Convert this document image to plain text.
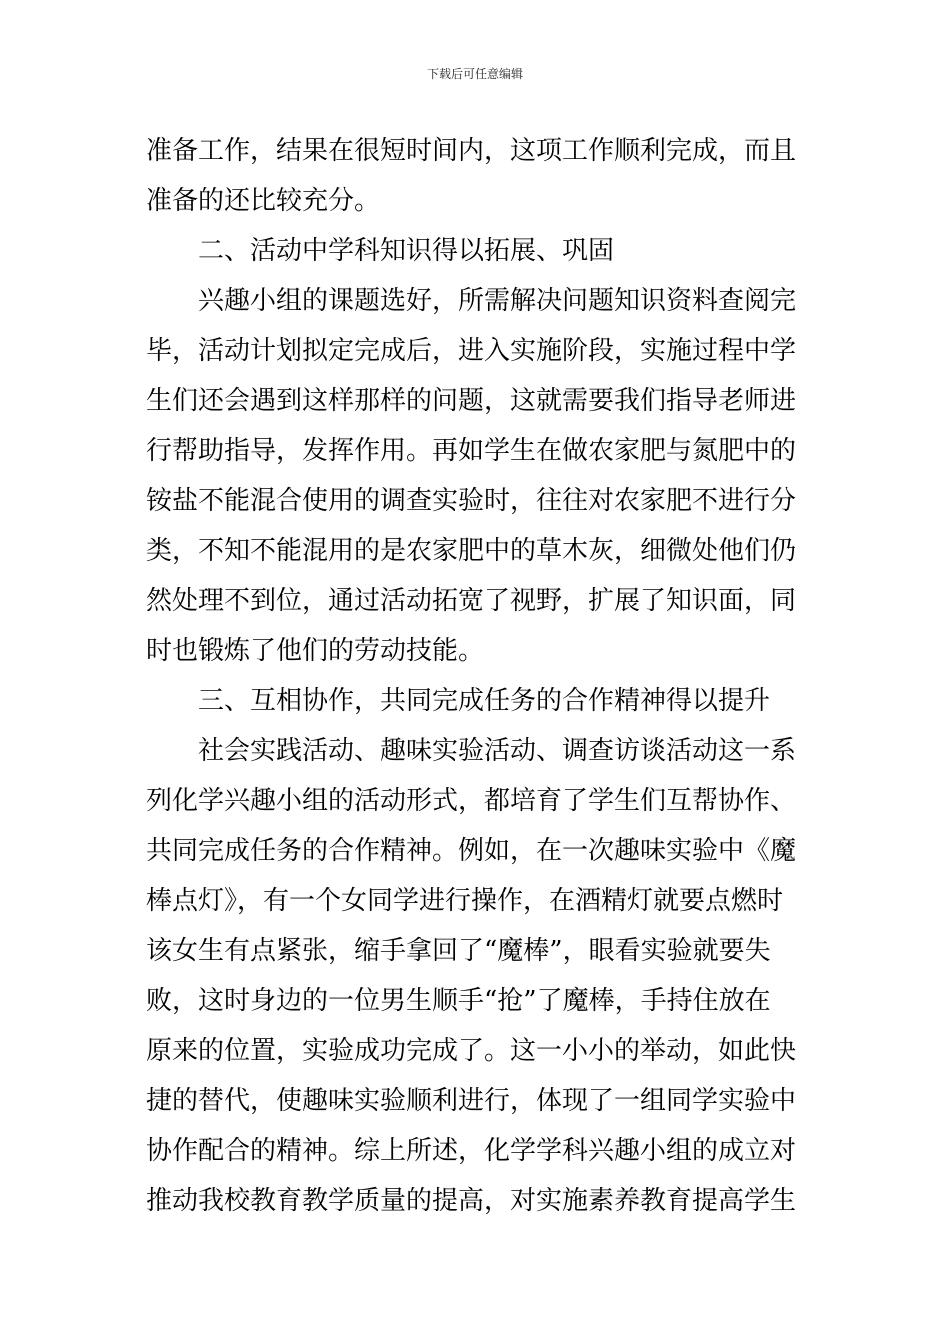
下载后可任意编辑
准备工作，结果在很短时间内，这项工作顺利完成，而且
准备的还比较充分。
二、活动中学科知识得以拓展、巩固
兴趣小组的课题选好，所需解决问题知识资料查阅完
毕，活动计划拟定完成后，进入实施阶段，实施过程中学
生们还会遇到这样那样的问题，这就需要我们指导老师进
行帮助指导，发挥作用。再如学生在做农家肥与氮肥中的
铵盐不能混合使用的调查实验时，往往对农家肥不进行分
类，不知不能混用的是农家肥中的草木灰，细微处他们仍
然处理不到位，通过活动拓宽了视野，扩展了知识面，同
时也锻炼了他们的劳动技能。
三、互相协作，共同完成任务的合作精神得以提升
社会实践活动、趣味实验活动、调查访谈活动这一系
列化学兴趣小组的活动形式，都培育了学生们互帮协作、
共同完成任务的合作精神。例如，在一次趣味实验中《魔
棒点灯》，有一个女同学进行操作，在酒精灯就要点燃时
该女生有点紧张，缩手拿回了“魔棒”，眼看实验就要失
败，这时身边的一位男生顺手“抢”了魔棒，手持住放在
原来的位置，实验成功完成了。这一小小的举动，如此快
捷的替代，使趣味实验顺利进行，体现了一组同学实验中
协作配合的精神。综上所述，化学学科兴趣小组的成立对
推动我校教育教学质量的提高，对实施素养教育提高学生
